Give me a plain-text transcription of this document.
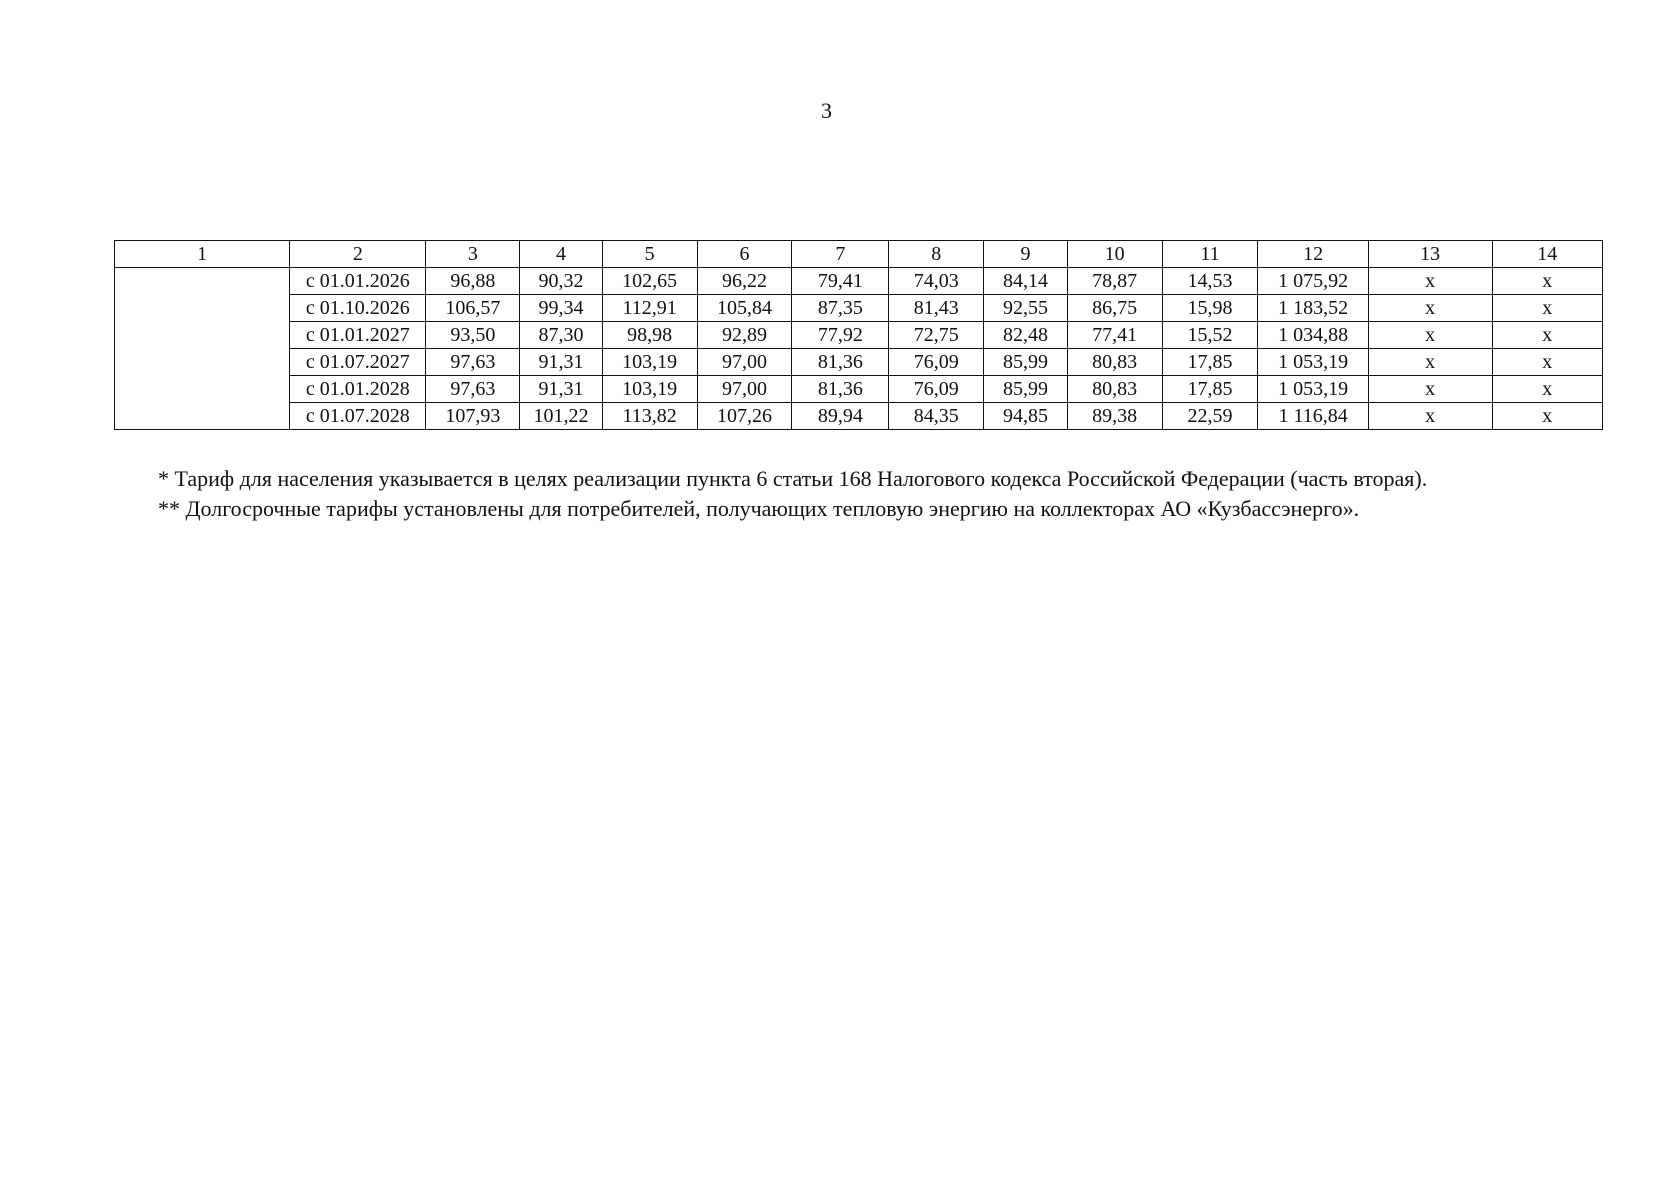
3
1	2	3	4	5	6	7	8	9	10	11	12	13	14
	с 01.01.2026	96,88	90,32	102,65	96,22	79,41	74,03	84,14	78,87	14,53	1 075,92	x	x
	с 01.10.2026	106,57	99,34	112,91	105,84	87,35	81,43	92,55	86,75	15,98	1 183,52	x	x
	с 01.01.2027	93,50	87,30	98,98	92,89	77,92	72,75	82,48	77,41	15,52	1 034,88	x	x
	с 01.07.2027	97,63	91,31	103,19	97,00	81,36	76,09	85,99	80,83	17,85	1 053,19	x	x
	с 01.01.2028	97,63	91,31	103,19	97,00	81,36	76,09	85,99	80,83	17,85	1 053,19	x	x
	с 01.07.2028	107,93	101,22	113,82	107,26	89,94	84,35	94,85	89,38	22,59	1 116,84	x	x

* Тариф для населения указывается в целях реализации пункта 6 статьи 168 Налогового кодекса Российской Федерации (часть вторая).

** Долгосрочные тарифы установлены для потребителей, получающих тепловую энергию на коллекторах АО «Кузбассэнерго».
